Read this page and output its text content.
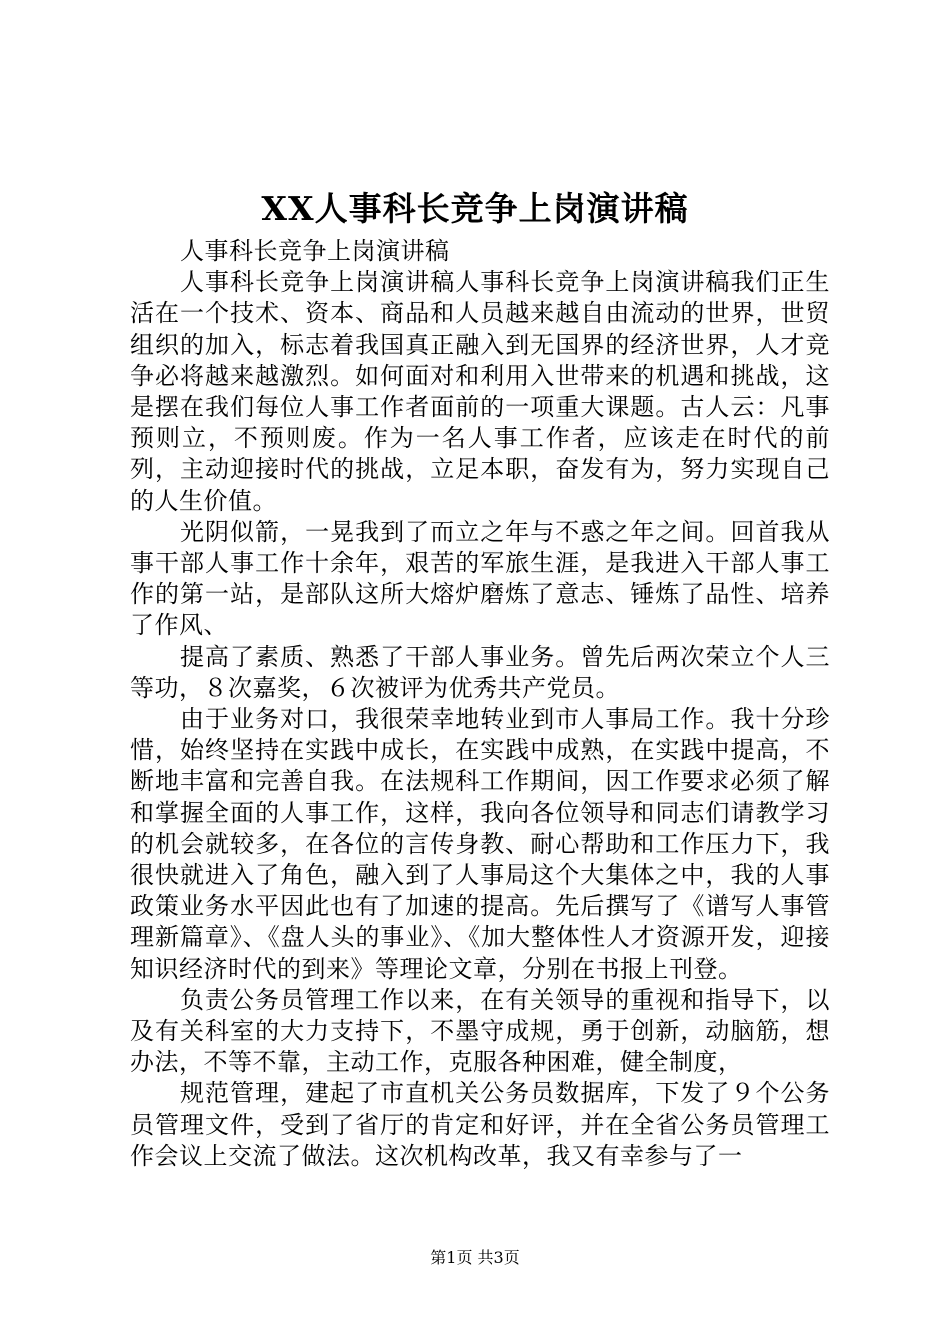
XX人事科长竞争上岗演讲稿

人事科长竞争上岗演讲稿

人事科长竞争上岗演讲稿人事科长竞争上岗演讲稿我们正生活在一个技术、资本、商品和人员越来越自由流动的世界，世贸组织的加入，标志着我国真正融入到无国界的经济世界，人才竞争必将越来越激烈。如何面对和利用入世带来的机遇和挑战，这是摆在我们每位人事工作者面前的一项重大课题。古人云：凡事预则立，不预则废。作为一名人事工作者，应该走在时代的前列，主动迎接时代的挑战，立足本职，奋发有为，努力实现自己的人生价值。

光阴似箭，一晃我到了而立之年与不惑之年之间。回首我从事干部人事工作十余年，艰苦的军旅生涯，是我进入干部人事工作的第一站，是部队这所大熔炉磨炼了意志、锤炼了品性、培养了作风、

提高了素质、熟悉了干部人事业务。曾先后两次荣立个人三等功，８次嘉奖，６次被评为优秀共产党员。

由于业务对口，我很荣幸地转业到市人事局工作。我十分珍惜，始终坚持在实践中成长，在实践中成熟，在实践中提高，不断地丰富和完善自我。在法规科工作期间，因工作要求必须了解和掌握全面的人事工作，这样，我向各位领导和同志们请教学习的机会就较多，在各位的言传身教、耐心帮助和工作压力下，我很快就进入了角色，融入到了人事局这个大集体之中，我的人事政策业务水平因此也有了加速的提高。先后撰写了《谱写人事管理新篇章》、《盘人头的事业》、《加大整体性人才资源开发，迎接知识经济时代的到来》等理论文章，分别在书报上刊登。

负责公务员管理工作以来，在有关领导的重视和指导下，以及有关科室的大力支持下，不墨守成规，勇于创新，动脑筋，想办法，不等不靠，主动工作，克服各种困难，健全制度，

规范管理，建起了市直机关公务员数据库，下发了９个公务员管理文件，受到了省厅的肯定和好评，并在全省公务员管理工作会议上交流了做法。这次机构改革，我又有幸参与了一

第1页 共3页
